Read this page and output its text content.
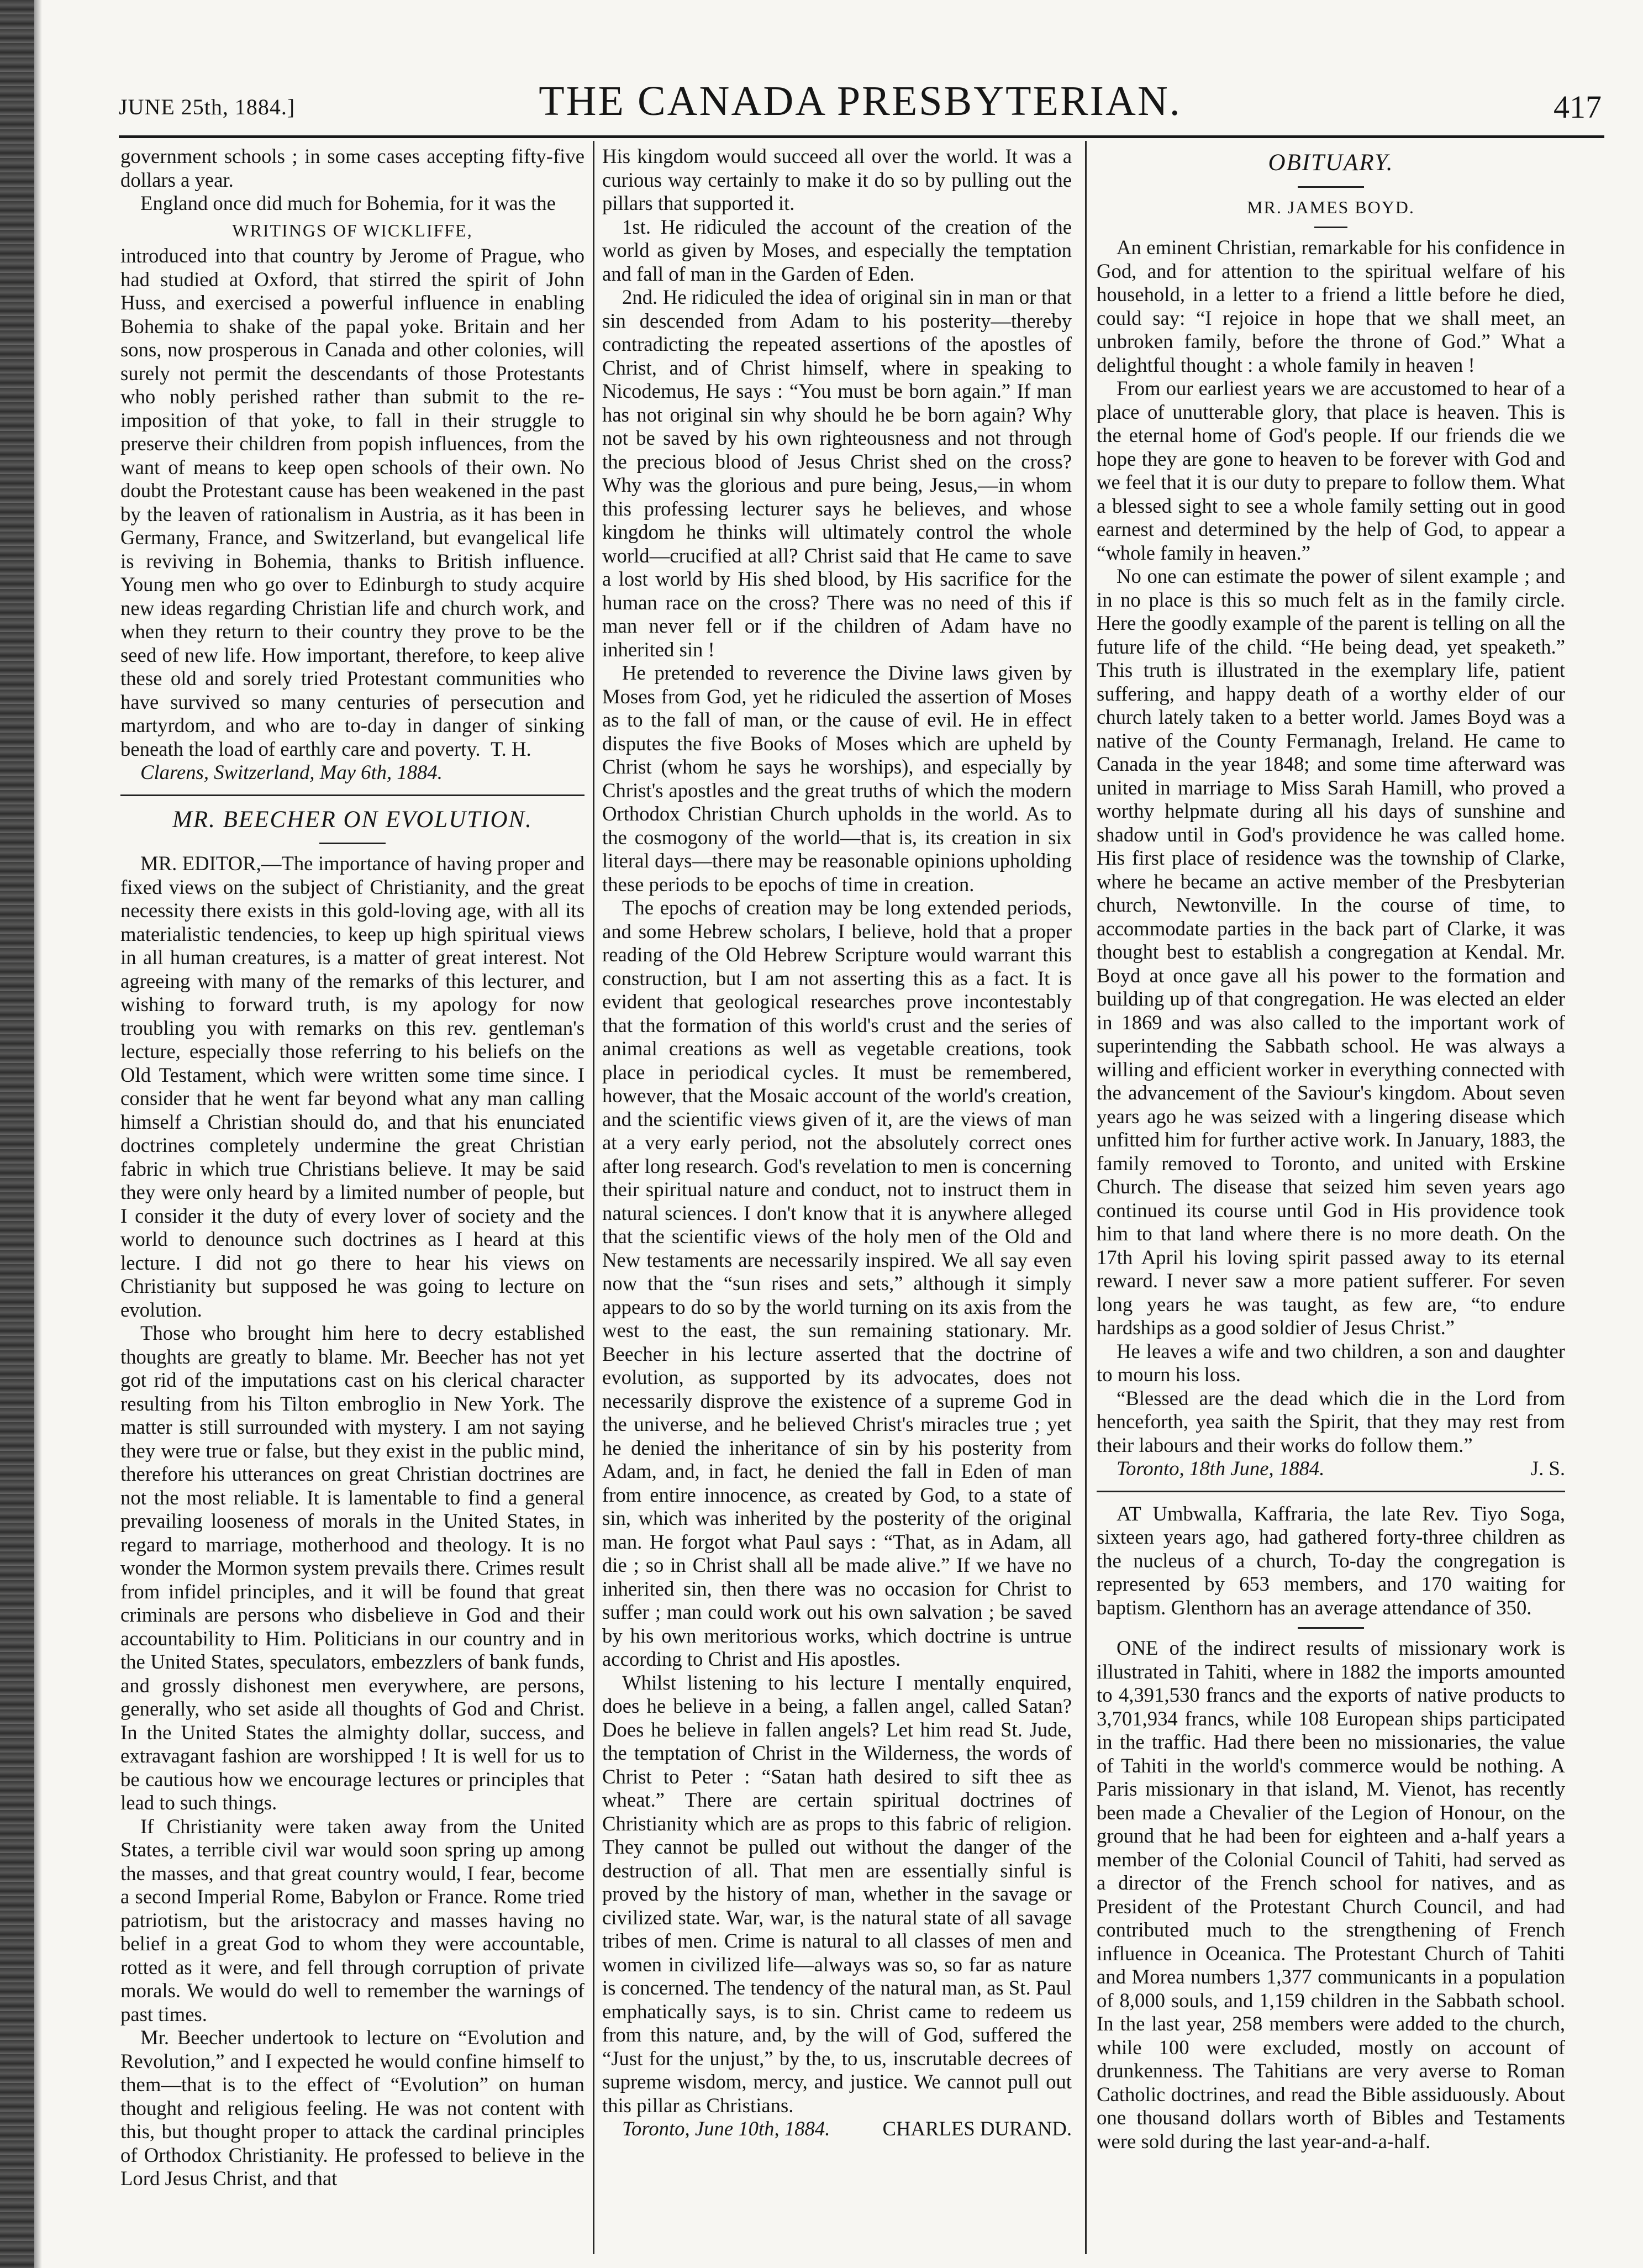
JUNE 25th, 1884.]	THE CANADA PRESBYTERIAN.	417

government schools ; in some cases accepting fifty-five dollars a year.

England once did much for Bohemia, for it was the

WRITINGS OF WICKLIFFE,

introduced into that country by Jerome of Prague, who had studied at Oxford, that stirred the spirit of John Huss, and exercised a powerful influence in enabling Bohemia to shake of the papal yoke. Britain and her sons, now prosperous in Canada and other colonies, will surely not permit the descendants of those Protestants who nobly perished rather than submit to the re-imposition of that yoke, to fall in their struggle to preserve their children from popish influences, from the want of means to keep open schools of their own. No doubt the Protestant cause has been weakened in the past by the leaven of rationalism in Austria, as it has been in Germany, France, and Switzerland, but evangelical life is reviving in Bohemia, thanks to British influence. Young men who go over to Edinburgh to study acquire new ideas regarding Christian life and church work, and when they return to their country they prove to be the seed of new life. How important, therefore, to keep alive these old and sorely tried Protestant communities who have survived so many centuries of persecution and martyrdom, and who are to-day in danger of sinking beneath the load of earthly care and poverty. T. H.

Clarens, Switzerland, May 6th, 1884.

MR. BEECHER ON EVOLUTION.

MR. EDITOR,—The importance of having proper and fixed views on the subject of Christianity, and the great necessity there exists in this gold-loving age, with all its materialistic tendencies, to keep up high spiritual views in all human creatures, is a matter of great interest. Not agreeing with many of the remarks of this lecturer, and wishing to forward truth, is my apology for now troubling you with remarks on this rev. gentleman's lecture, especially those referring to his beliefs on the Old Testament, which were written some time since. I consider that he went far beyond what any man calling himself a Christian should do, and that his enunciated doctrines completely undermine the great Christian fabric in which true Christians believe. It may be said they were only heard by a limited number of people, but I consider it the duty of every lover of society and the world to denounce such doctrines as I heard at this lecture. I did not go there to hear his views on Christianity but supposed he was going to lecture on evolution.

Those who brought him here to decry established thoughts are greatly to blame. Mr. Beecher has not yet got rid of the imputations cast on his clerical character resulting from his Tilton embroglio in New York. The matter is still surrounded with mystery. I am not saying they were true or false, but they exist in the public mind, therefore his utterances on great Christian doctrines are not the most reliable. It is lamentable to find a general prevailing looseness of morals in the United States, in regard to marriage, motherhood and theology. It is no wonder the Mormon system prevails there. Crimes result from infidel principles, and it will be found that great criminals are persons who disbelieve in God and their accountability to Him. Politicians in our country and in the United States, speculators, embezzlers of bank funds, and grossly dishonest men everywhere, are persons, generally, who set aside all thoughts of God and Christ. In the United States the almighty dollar, success, and extravagant fashion are worshipped ! It is well for us to be cautious how we encourage lectures or principles that lead to such things.

If Christianity were taken away from the United States, a terrible civil war would soon spring up among the masses, and that great country would, I fear, become a second Imperial Rome, Babylon or France. Rome tried patriotism, but the aristocracy and masses having no belief in a great God to whom they were accountable, rotted as it were, and fell through corruption of private morals. We would do well to remember the warnings of past times.

Mr. Beecher undertook to lecture on “Evolution and Revolution,” and I expected he would confine himself to them—that is to the effect of “Evolution” on human thought and religious feeling. He was not content with this, but thought proper to attack the cardinal principles of Orthodox Christianity. He professed to believe in the Lord Jesus Christ, and that

His kingdom would succeed all over the world. It was a curious way certainly to make it do so by pulling out the pillars that supported it.

1st. He ridiculed the account of the creation of the world as given by Moses, and especially the temptation and fall of man in the Garden of Eden.

2nd. He ridiculed the idea of original sin in man or that sin descended from Adam to his posterity—thereby contradicting the repeated assertions of the apostles of Christ, and of Christ himself, where in speaking to Nicodemus, He says : “You must be born again.” If man has not original sin why should he be born again? Why not be saved by his own righteousness and not through the precious blood of Jesus Christ shed on the cross? Why was the glorious and pure being, Jesus,—in whom this professing lecturer says he believes, and whose kingdom he thinks will ultimately control the whole world—crucified at all? Christ said that He came to save a lost world by His shed blood, by His sacrifice for the human race on the cross? There was no need of this if man never fell or if the children of Adam have no inherited sin !

He pretended to reverence the Divine laws given by Moses from God, yet he ridiculed the assertion of Moses as to the fall of man, or the cause of evil. He in effect disputes the five Books of Moses which are upheld by Christ (whom he says he worships), and especially by Christ's apostles and the great truths of which the modern Orthodox Christian Church upholds in the world. As to the cosmogony of the world—that is, its creation in six literal days—there may be reasonable opinions upholding these periods to be epochs of time in creation.

The epochs of creation may be long extended periods, and some Hebrew scholars, I believe, hold that a proper reading of the Old Hebrew Scripture would warrant this construction, but I am not asserting this as a fact. It is evident that geological researches prove incontestably that the formation of this world's crust and the series of animal creations as well as vegetable creations, took place in periodical cycles. It must be remembered, however, that the Mosaic account of the world's creation, and the scientific views given of it, are the views of man at a very early period, not the absolutely correct ones after long research. God's revelation to men is concerning their spiritual nature and conduct, not to instruct them in natural sciences. I don't know that it is anywhere alleged that the scientific views of the holy men of the Old and New testaments are necessarily inspired. We all say even now that the “sun rises and sets,” although it simply appears to do so by the world turning on its axis from the west to the east, the sun remaining stationary. Mr. Beecher in his lecture asserted that the doctrine of evolution, as supported by its advocates, does not necessarily disprove the existence of a supreme God in the universe, and he believed Christ's miracles true ; yet he denied the inheritance of sin by his posterity from Adam, and, in fact, he denied the fall in Eden of man from entire innocence, as created by God, to a state of sin, which was inherited by the posterity of the original man. He forgot what Paul says : “That, as in Adam, all die ; so in Christ shall all be made alive.” If we have no inherited sin, then there was no occasion for Christ to suffer ; man could work out his own salvation ; be saved by his own meritorious works, which doctrine is untrue according to Christ and His apostles.

Whilst listening to his lecture I mentally enquired, does he believe in a being, a fallen angel, called Satan? Does he believe in fallen angels? Let him read St. Jude, the temptation of Christ in the Wilderness, the words of Christ to Peter : “Satan hath desired to sift thee as wheat.” There are certain spiritual doctrines of Christianity which are as props to this fabric of religion. They cannot be pulled out without the danger of the destruction of all. That men are essentially sinful is proved by the history of man, whether in the savage or civilized state. War, war, is the natural state of all savage tribes of men. Crime is natural to all classes of men and women in civilized life—always was so, so far as nature is concerned. The tendency of the natural man, as St. Paul emphatically says, is to sin. Christ came to redeem us from this nature, and, by the will of God, suffered the “Just for the unjust,” by the, to us, inscrutable decrees of supreme wisdom, mercy, and justice. We cannot pull out this pillar as Christians.

Toronto, June 10th, 1884.	CHARLES DURAND.

OBITUARY.
MR. JAMES BOYD.

An eminent Christian, remarkable for his confidence in God, and for attention to the spiritual welfare of his household, in a letter to a friend a little before he died, could say: “I rejoice in hope that we shall meet, an unbroken family, before the throne of God.” What a delightful thought : a whole family in heaven !

From our earliest years we are accustomed to hear of a place of unutterable glory, that place is heaven. This is the eternal home of God's people. If our friends die we hope they are gone to heaven to be forever with God and we feel that it is our duty to prepare to follow them. What a blessed sight to see a whole family setting out in good earnest and determined by the help of God, to appear a “whole family in heaven.”

No one can estimate the power of silent example ; and in no place is this so much felt as in the family circle. Here the goodly example of the parent is telling on all the future life of the child. “He being dead, yet speaketh.” This truth is illustrated in the exemplary life, patient suffering, and happy death of a worthy elder of our church lately taken to a better world. James Boyd was a native of the County Fermanagh, Ireland. He came to Canada in the year 1848; and some time afterward was united in marriage to Miss Sarah Hamill, who proved a worthy helpmate during all his days of sunshine and shadow until in God's providence he was called home. His first place of residence was the township of Clarke, where he became an active member of the Presbyterian church, Newtonville. In the course of time, to accommodate parties in the back part of Clarke, it was thought best to establish a congregation at Kendal. Mr. Boyd at once gave all his power to the formation and building up of that congregation. He was elected an elder in 1869 and was also called to the important work of superintending the Sabbath school. He was always a willing and efficient worker in everything connected with the advancement of the Saviour's kingdom. About seven years ago he was seized with a lingering disease which unfitted him for further active work. In January, 1883, the family removed to Toronto, and united with Erskine Church. The disease that seized him seven years ago continued its course until God in His providence took him to that land where there is no more death. On the 17th April his loving spirit passed away to its eternal reward. I never saw a more patient sufferer. For seven long years he was taught, as few are, “to endure hardships as a good soldier of Jesus Christ.”

He leaves a wife and two children, a son and daughter to mourn his loss.

“Blessed are the dead which die in the Lord from henceforth, yea saith the Spirit, that they may rest from their labours and their works do follow them.”

Toronto, 18th June, 1884.	J. S.

AT Umbwalla, Kaffraria, the late Rev. Tiyo Soga, sixteen years ago, had gathered forty-three children as the nucleus of a church, To-day the congregation is represented by 653 members, and 170 waiting for baptism. Glenthorn has an average attendance of 350.

ONE of the indirect results of missionary work is illustrated in Tahiti, where in 1882 the imports amounted to 4,391,530 francs and the exports of native products to 3,701,934 francs, while 108 European ships participated in the traffic. Had there been no missionaries, the value of Tahiti in the world's commerce would be nothing. A Paris missionary in that island, M. Vienot, has recently been made a Chevalier of the Legion of Honour, on the ground that he had been for eighteen and a-half years a member of the Colonial Council of Tahiti, had served as a director of the French school for natives, and as President of the Protestant Church Council, and had contributed much to the strengthening of French influence in Oceanica. The Protestant Church of Tahiti and Morea numbers 1,377 communicants in a population of 8,000 souls, and 1,159 children in the Sabbath school. In the last year, 258 members were added to the church, while 100 were excluded, mostly on account of drunkenness. The Tahitians are very averse to Roman Catholic doctrines, and read the Bible assiduously. About one thousand dollars worth of Bibles and Testaments were sold during the last year-and-a-half.
